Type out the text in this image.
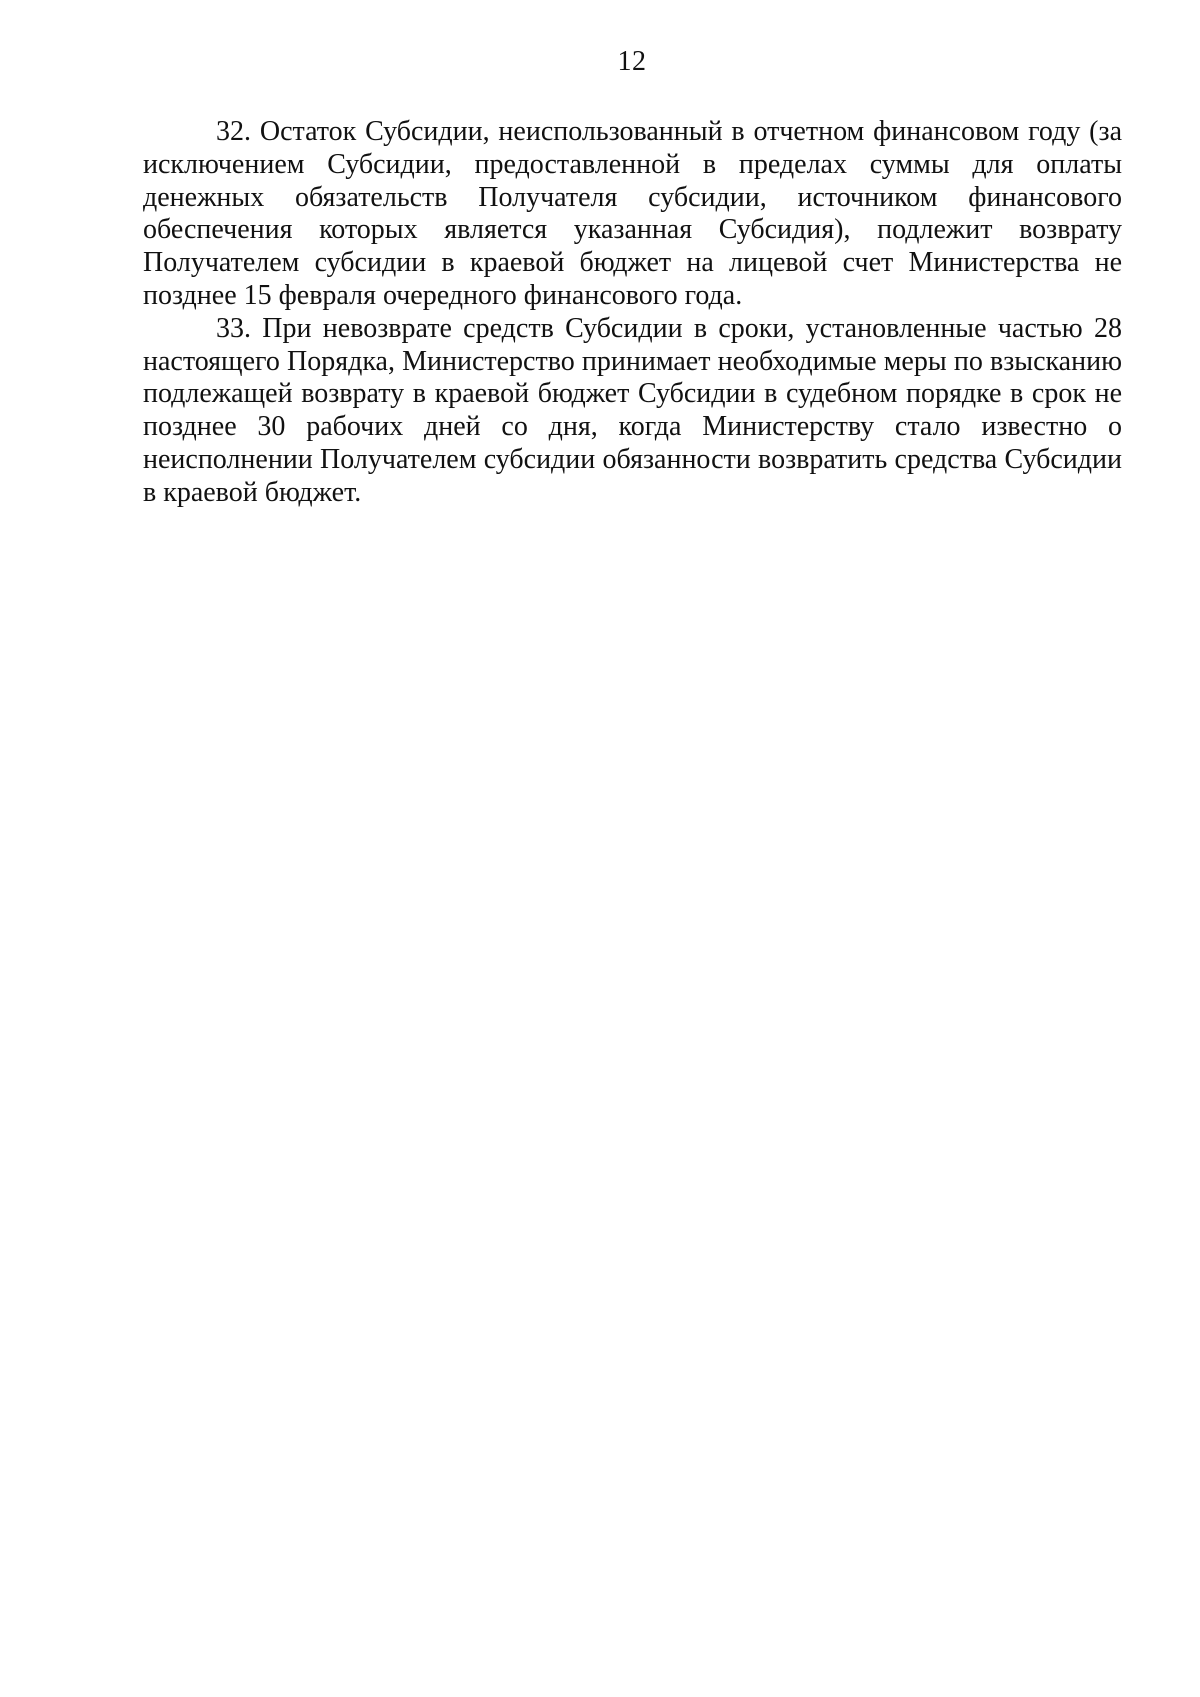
12

32. Остаток Субсидии, неиспользованный в отчетном финансовом году (за исключением Субсидии, предоставленной в пределах суммы для оплаты денежных обязательств Получателя субсидии, источником финансового обеспечения которых является указанная Субсидия), подлежит возврату Получателем субсидии в краевой бюджет на лицевой счет Министерства не позднее 15 февраля очередного финансового года.

33. При невозврате средств Субсидии в сроки, установленные частью 28 настоящего Порядка, Министерство принимает необходимые меры по взысканию подлежащей возврату в краевой бюджет Субсидии в судебном порядке в срок не позднее 30 рабочих дней со дня, когда Министерству стало известно о неисполнении Получателем субсидии обязанности возвратить средства Субсидии в краевой бюджет.
